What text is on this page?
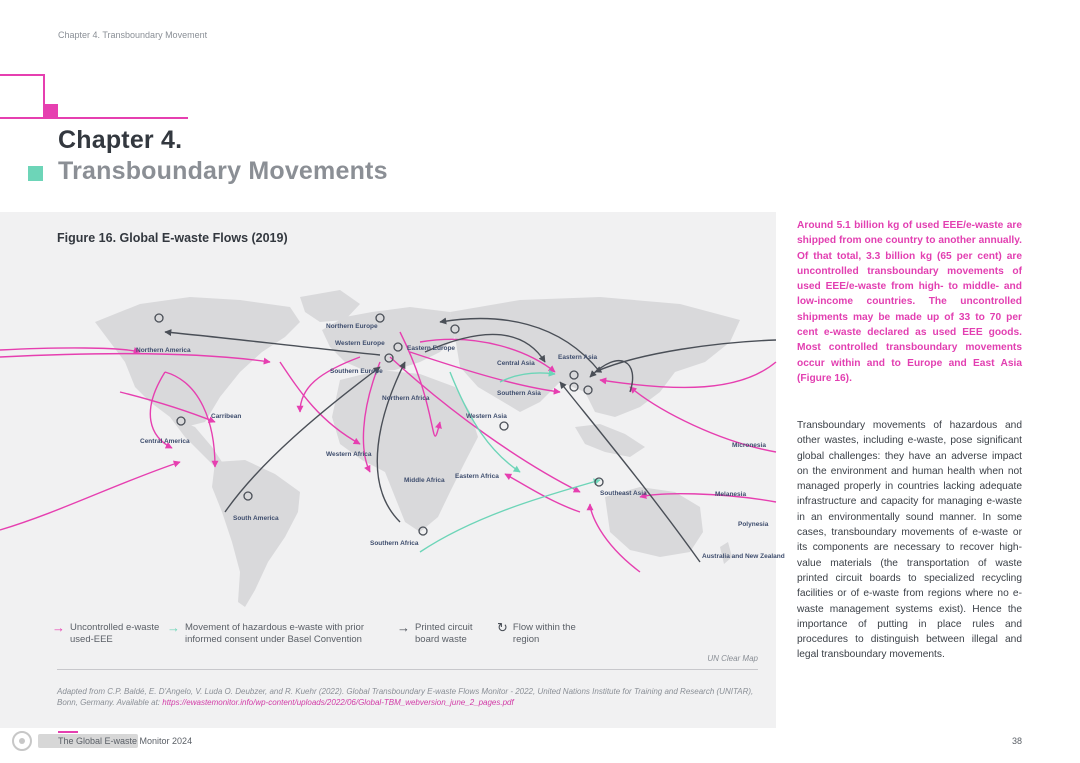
Chapter 4. Transboundary Movement
Chapter 4.
Transboundary Movements
Northern America
Central America
Carribean
South America
Northern Europe
Western Europe
Eastern Europe
Southern Europe
Northern Africa
Western Africa
Middle Africa
Eastern Africa
Southern Africa
Western Asia
Central Asia
Southern Asia
Eastern Asia
Southeast Asia
Micronesia
Melanesia
Polynesia
Australia and New Zealand
Figure 16. Global E-waste Flows (2019)
→ Uncontrolled e-waste used-EEE
→ Movement of hazardous e-waste with prior informed consent under Basel Convention
→ Printed circuit board waste
↻ Flow within the region
UN Clear Map
Adapted from C.P. Baldé, E. D'Angelo, V. Luda O. Deubzer, and R. Kuehr (2022). Global Transboundary E-waste Flows Monitor - 2022, United Nations Institute for Training and Research (UNITAR), Bonn, Germany. Available at: https://ewastemonitor.info/wp-content/uploads/2022/06/Global-TBM_webversion_june_2_pages.pdf
Around 5.1 billion kg of used EEE/e-waste are shipped from one country to another annually. Of that total, 3.3 billion kg (65 per cent) are uncontrolled transboundary movements of used EEE/e-waste from high- to middle- and low-income countries. The uncontrolled shipments may be made up of 33 to 70 per cent e-waste declared as used EEE goods. Most controlled transboundary movements occur within and to Europe and East Asia (Figure 16).
Transboundary movements of hazardous and other wastes, including e-waste, pose significant global challenges: they have an adverse impact on the environment and human health when not managed properly in countries lacking adequate infrastructure and capacity for managing e-waste in an environmentally sound manner. In some cases, transboundary movements of e-waste or its components are necessary to recover high-value materials (the transportation of waste printed circuit boards to specialized recycling facilities or of e-waste from regions where no e-waste management systems exist). Hence the importance of putting in place rules and procedures to distinguish between illegal and legal transboundary movements.
The Global E-waste Monitor 2024	38
